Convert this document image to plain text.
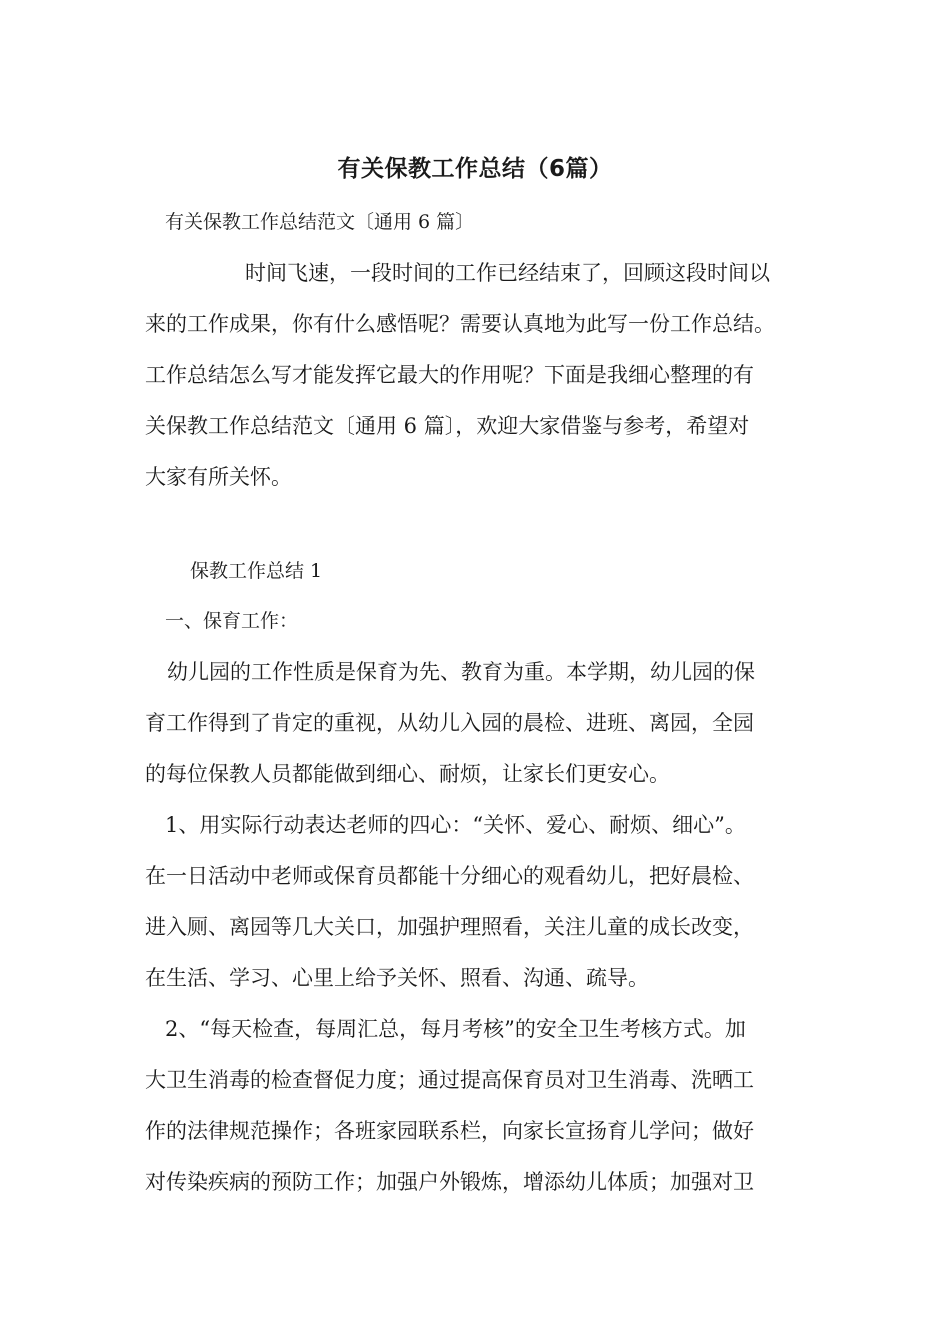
有关保教工作总结（6篇）
有关保教工作总结范文〔通用 6 篇〕
时间飞速，一段时间的工作已经结束了，回顾这段时间以
来的工作成果，你有什么感悟呢？需要认真地为此写一份工作总结。
工作总结怎么写才能发挥它最大的作用呢？下面是我细心整理的有
关保教工作总结范文〔通用 6 篇〕，欢迎大家借鉴与参考，希望对
大家有所关怀。
保教工作总结 1
一、保育工作：
幼儿园的工作性质是保育为先、教育为重。本学期，幼儿园的保
育工作得到了肯定的重视，从幼儿入园的晨检、进班、离园，全园
的每位保教人员都能做到细心、耐烦，让家长们更安心。
1、用实际行动表达老师的四心：“关怀、爱心、耐烦、细心”。
在一日活动中老师或保育员都能十分细心的观看幼儿，把好晨检、
进入厕、离园等几大关口，加强护理照看，关注儿童的成长改变，
在生活、学习、心里上给予关怀、照看、沟通、疏导。
2、“每天检查，每周汇总，每月考核”的安全卫生考核方式。加
大卫生消毒的检查督促力度；通过提高保育员对卫生消毒、洗晒工
作的法律规范操作；各班家园联系栏，向家长宣扬育儿学问；做好
对传染疾病的预防工作；加强户外锻炼，增添幼儿体质；加强对卫
